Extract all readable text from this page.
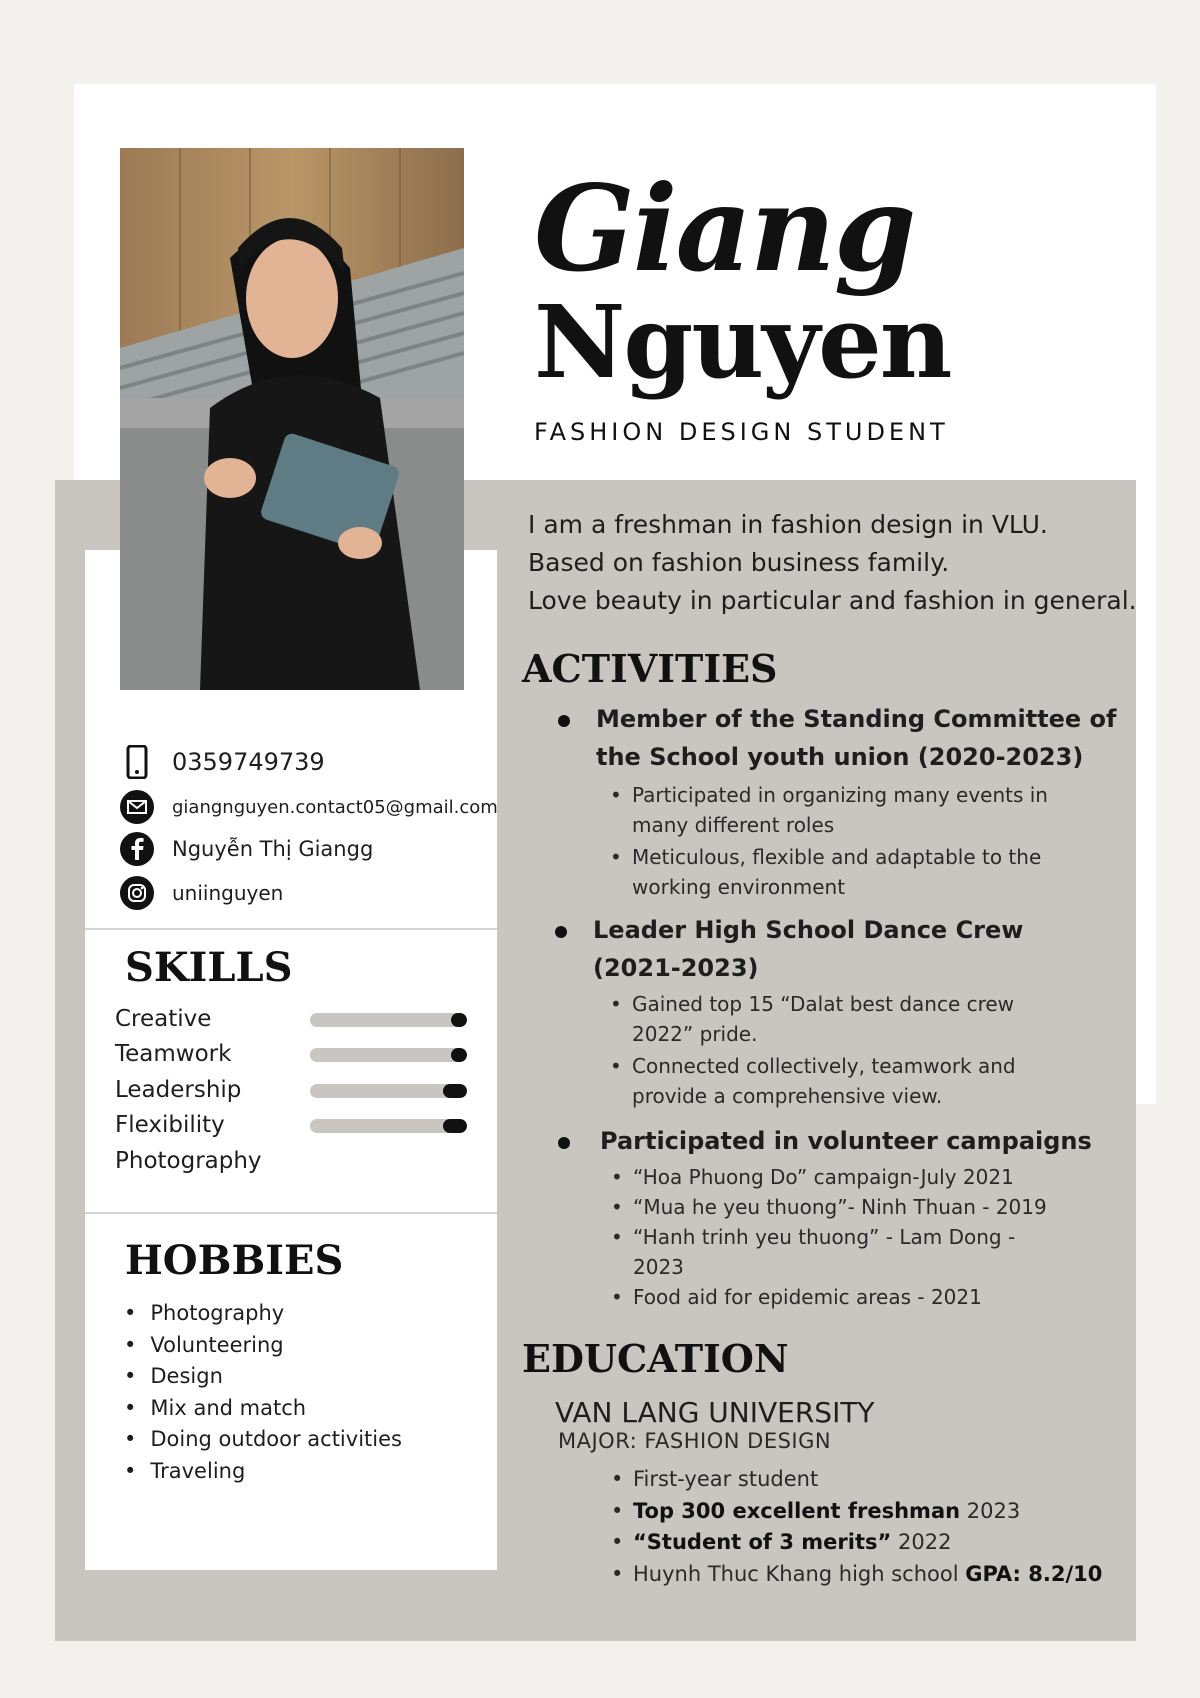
Giang
Nguyen
FASHION DESIGN STUDENT
I am a freshman in fashion design in VLU.
Based on fashion business family.
Love beauty in particular and fashion in general.
0359749739
giangnguyen.contact05@gmail.com
Nguyễn Thị Giangg
uniinguyen
SKILLS
Creative
Teamwork
Leadership
Flexibility
Photography
HOBBIES
• Photography
• Volunteering
• Design
• Mix and match
• Doing outdoor activities
• Traveling
ACTIVITIES
Member of the Standing Committee of
the School youth union (2020-2023)
• Participated in organizing many events in
many different roles
• Meticulous, flexible and adaptable to the
working environment
Leader High School Dance Crew
(2021-2023)
• Gained top 15 “Dalat best dance crew
2022” pride.
• Connected collectively, teamwork and
provide a comprehensive view.
Participated in volunteer campaigns
• “Hoa Phuong Do” campaign-July 2021
• “Mua he yeu thuong”- Ninh Thuan - 2019
• “Hanh trinh yeu thuong” - Lam Dong -
2023
• Food aid for epidemic areas - 2021
EDUCATION
VAN LANG UNIVERSITY
MAJOR: FASHION DESIGN
• First-year student
• Top 300 excellent freshman 2023
• “Student of 3 merits” 2022
• Huynh Thuc Khang high school GPA: 8.2/10
